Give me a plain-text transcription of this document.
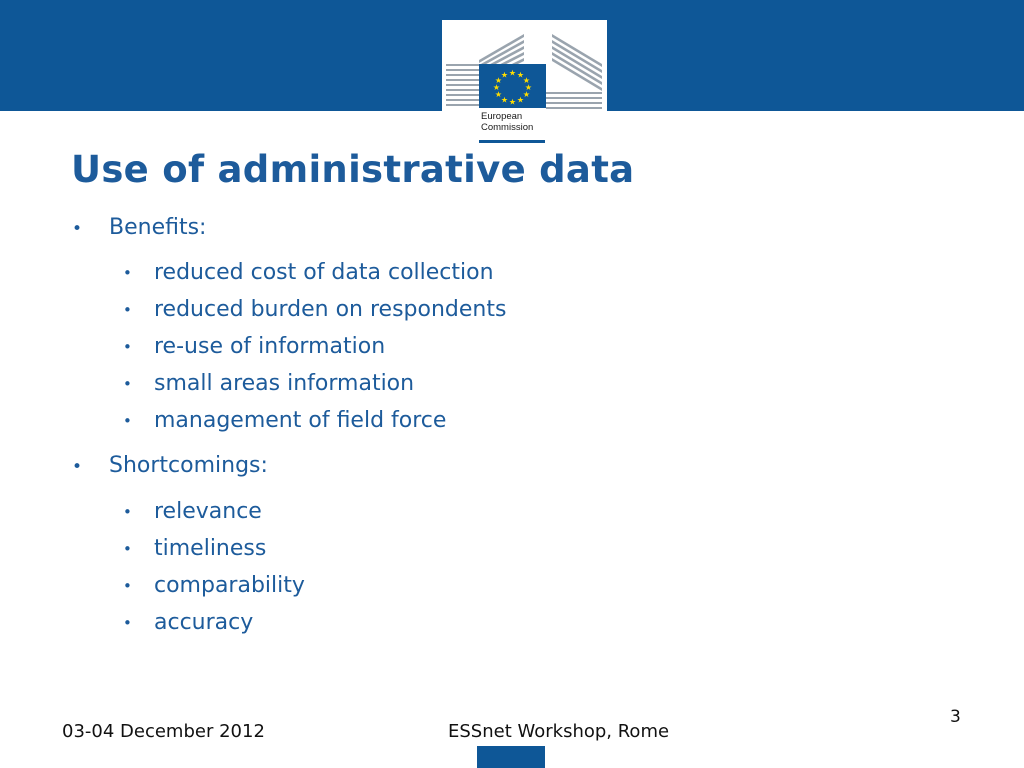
★ ★
★
★
★
★
★
★
★
★
★
★
European
Commission
Use of administrative data
• Benefits:
• reduced cost of data collection
• reduced burden on respondents
• re-use of information
• small areas information
• management of field force
• Shortcomings:
• relevance
• timeliness
• comparability
• accuracy
03-04 December 2012	ESSnet Workshop, Rome
3
